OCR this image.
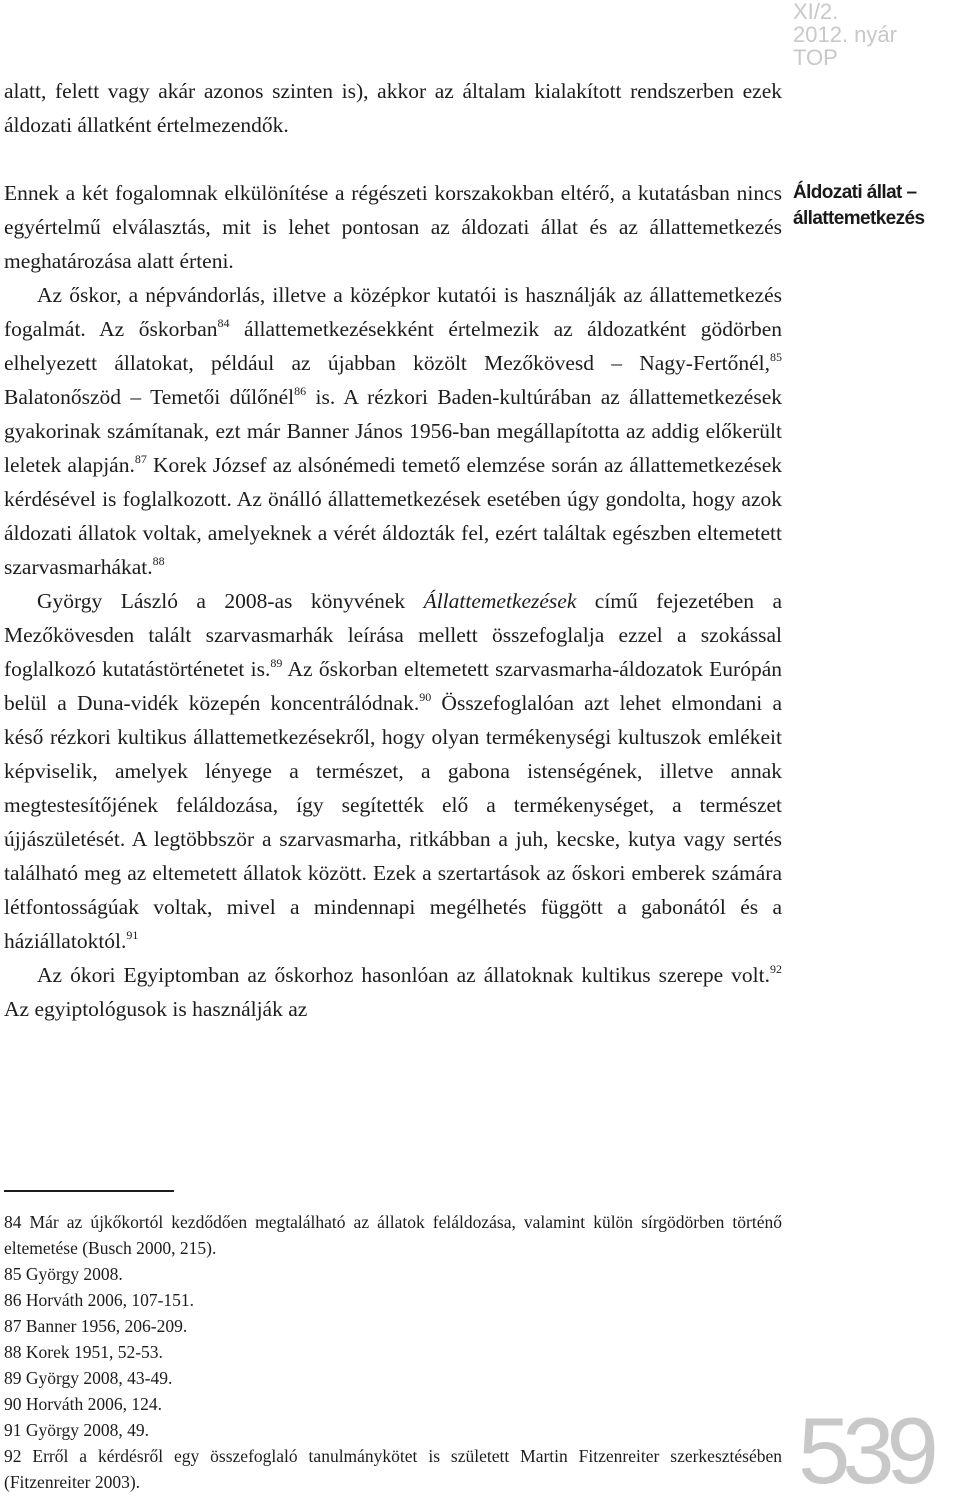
XI/2.
2012. nyár
TOP
Áldozati állat –
állattemetkezés

alatt, felett vagy akár azonos szinten is), akkor az általam kialakított rendszerben ezek áldozati állatként értelmezendők.

Ennek a két fogalomnak elkülönítése a régészeti korszakokban eltérő, a kutatásban nincs egyértelmű elválasztás, mit is lehet pontosan az áldozati állat és az állattemetkezés meghatározása alatt érteni.

Az őskor, a népvándorlás, illetve a középkor kutatói is használják az állattemetkezés fogalmát. Az őskorban$^{84}$ állattemetkezésekként értelmezik az áldozatként gödörben elhelyezett állatokat, például az újabban közölt Mezőkövesd – Nagy-Fertőnél,$^{85}$ Balatonőszöd – Temetői dűlőnél$^{86}$ is. A rézkori Baden-kultúrában az állattemetkezések gyakorinak számítanak, ezt már Banner János 1956-ban megállapította az addig előkerült leletek alapján.$^{87}$ Korek József az alsónémedi temető elemzése során az állattemetkezések kérdésével is foglalkozott. Az önálló állattemetkezések esetében úgy gondolta, hogy azok áldozati állatok voltak, amelyeknek a vérét áldozták fel, ezért találtak egészben eltemetett szarvasmarhákat.$^{88}$

György László a 2008-as könyvének Állattemetkezések című fejezetében a Mezőkövesden talált szarvasmarhák leírása mellett összefoglalja ezzel a szokással foglalkozó kutatástörténetet is.$^{89}$ Az őskorban eltemetett szarvasmarha-áldozatok Európán belül a Duna-vidék közepén koncentrálódnak.$^{90}$ Összefoglalóan azt lehet elmondani a késő rézkori kultikus állattemetkezésekről, hogy olyan termékenységi kultuszok emlékeit képviselik, amelyek lényege a természet, a gabona istenségének, illetve annak megtestesítőjének feláldozása, így segítették elő a termékenységet, a természet újjászületését. A legtöbbször a szarvasmarha, ritkábban a juh, kecske, kutya vagy sertés található meg az eltemetett állatok között. Ezek a szertartások az őskori emberek számára létfontosságúak voltak, mivel a mindennapi megélhetés függött a gabonától és a háziállatoktól.$^{91}$

Az ókori Egyiptomban az őskorhoz hasonlóan az állatoknak kultikus szerepe volt.$^{92}$ Az egyiptológusok is használják az

84 Már az újkőkortól kezdődően megtalálható az állatok feláldozása, valamint külön sírgödörben történő eltemetése (Busch 2000, 215).
85 György 2008.
86 Horváth 2006, 107-151.
87 Banner 1956, 206-209.
88 Korek 1951, 52-53.
89 György 2008, 43-49.
90 Horváth 2006, 124.
91 György 2008, 49.
92 Erről a kérdésről egy összefoglaló tanulmánykötet is született Martin Fitzenreiter szerkesztésében (Fitzenreiter 2003).	539
